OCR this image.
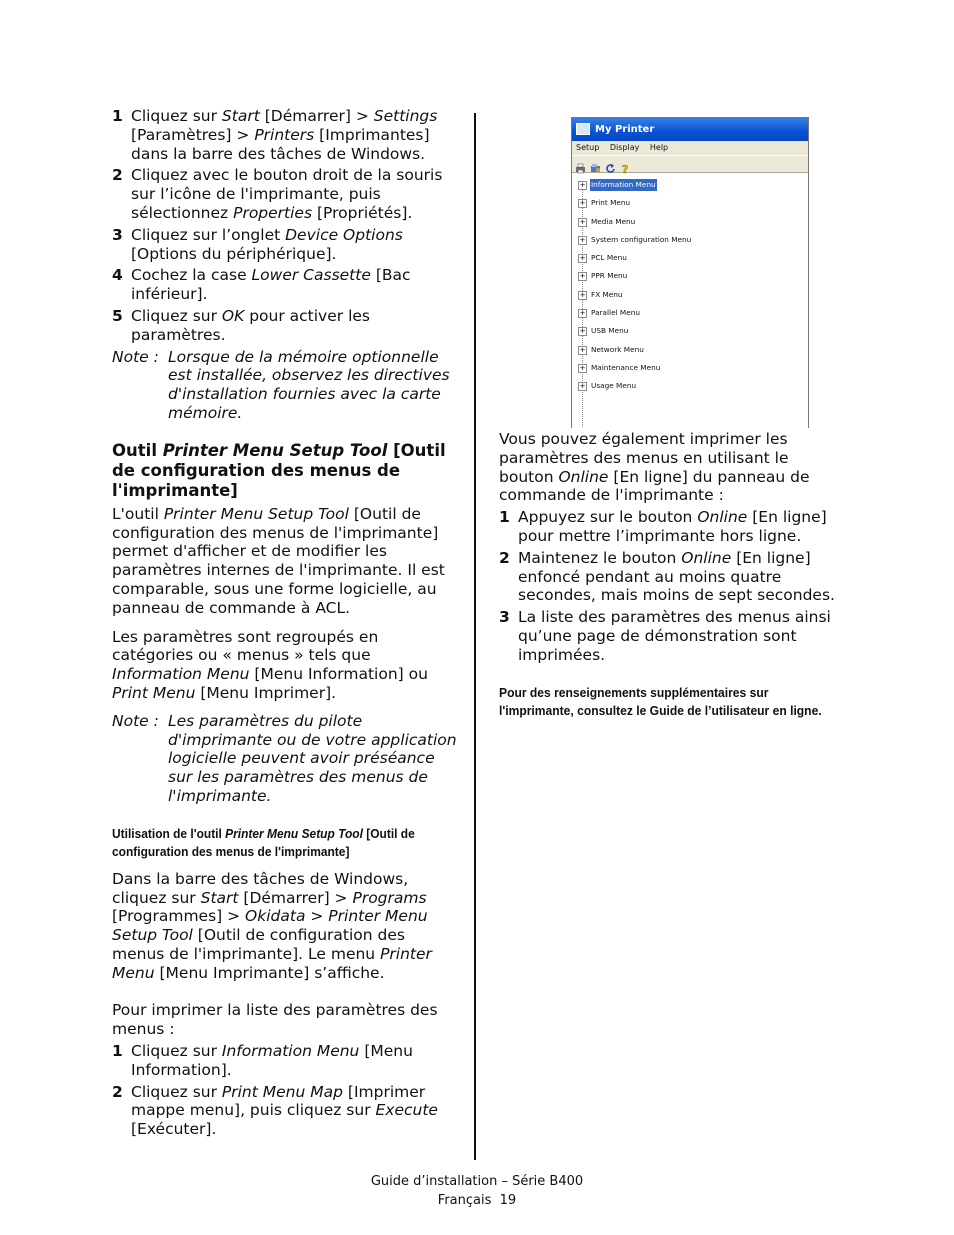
1 Cliquez sur Start [Démarrer] > Settings [Paramètres] > Printers [Imprimantes] dans la barre des tâches de Windows.
2 Cliquez avec le bouton droit de la souris sur l’icône de l'imprimante, puis sélectionnez Properties [Propriétés].
3 Cliquez sur l’onglet Device Options [Options du périphérique].
4 Cochez la case Lower Cassette [Bac inférieur].
5 Cliquez sur OK pour activer les paramètres.
Note : Lorsque de la mémoire optionnelle est installée, observez les directives d'installation fournies avec la carte mémoire.
Outil Printer Menu Setup Tool [Outil de configuration des menus de l'imprimante]

L'outil Printer Menu Setup Tool [Outil de configuration des menus de l'imprimante] permet d'afficher et de modifier les paramètres internes de l'imprimante. Il est comparable, sous une forme logicielle, au panneau de commande à ACL.

Les paramètres sont regroupés en catégories ou « menus » tels que Information Menu [Menu Information] ou Print Menu [Menu Imprimer].

Note : Les paramètres du pilote d'imprimante ou de votre application logicielle peuvent avoir préséance sur les paramètres des menus de l'imprimante.
Utilisation de l'outil Printer Menu Setup Tool [Outil de configuration des menus de l'imprimante]

Dans la barre des tâches de Windows, cliquez sur Start [Démarrer] > Programs [Programmes] > Okidata > Printer Menu Setup Tool [Outil de configuration des menus de l'imprimante]. Le menu Printer Menu [Menu Imprimante] s’affiche.

Pour imprimer la liste des paramètres des menus :

1 Cliquez sur Information Menu [Menu Information].
2 Cliquez sur Print Menu Map [Imprimer mappe menu], puis cliquez sur Execute [Exécuter].
My Printer
Setup Display Help
?
+ Information Menu
+ Print Menu
+ Media Menu
+ System configuration Menu
+ PCL Menu
+ PPR Menu
+ FX Menu
+ Parallel Menu
+ USB Menu
+ Network Menu
+ Maintenance Menu
+ Usage Menu

Vous pouvez également imprimer les paramètres des menus en utilisant le bouton Online [En ligne] du panneau de commande de l'imprimante :

1 Appuyez sur le bouton Online [En ligne] pour mettre l’imprimante hors ligne.
2 Maintenez le bouton Online [En ligne] enfoncé pendant au moins quatre secondes, mais moins de sept secondes.
3 La liste des paramètres des menus ainsi qu’une page de démonstration sont imprimées.

Pour des renseignements supplémentaires sur l'imprimante, consultez le Guide de l’utilisateur en ligne.

Guide d’installation – Série B400
Français  19
